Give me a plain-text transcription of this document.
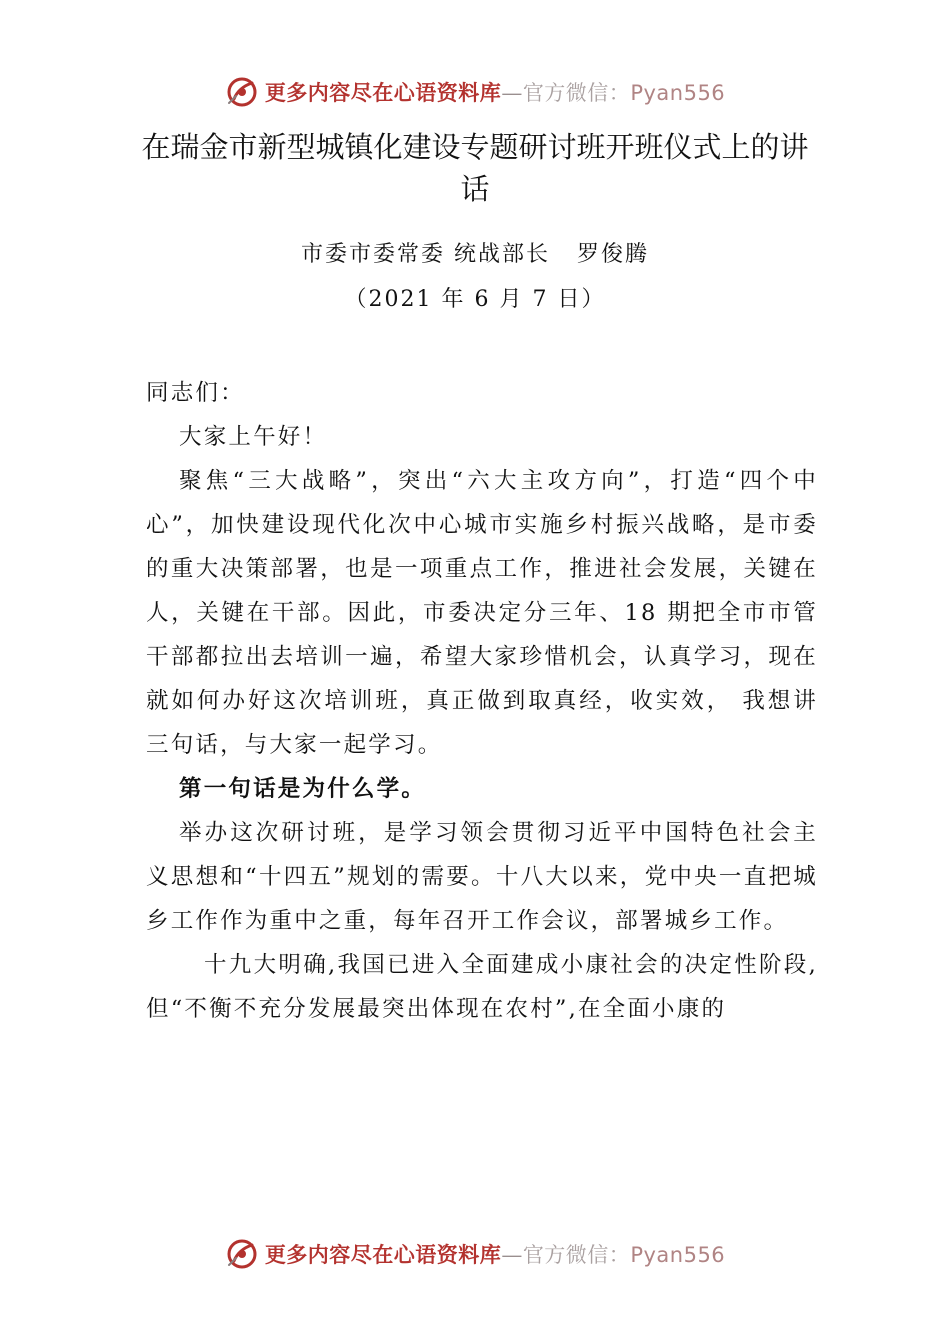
更多内容尽在心语资料库—官方微信：Pyan556
在瑞金市新型城镇化建设专题研讨班开班仪式上的讲话
市委市委常委 统战部长   罗俊腾
（2021 年 6 月 7 日）

同志们：

大家上午好！

聚焦“三大战略”，突出“六大主攻方向”，打造“四个中心”，加快建设现代化次中心城市实施乡村振兴战略，是市委的重大决策部署，也是一项重点工作，推进社会发展，关键在人，关键在干部。因此，市委决定分三年、18 期把全市市管干部都拉出去培训一遍，希望大家珍惜机会，认真学习，现在就如何办好这次培训班，真正做到取真经，收实效， 我想讲三句话，与大家一起学习。

第一句话是为什么学。

举办这次研讨班，是学习领会贯彻习近平中国特色社会主义思想和“十四五”规划的需要。十八大以来，党中央一直把城乡工作作为重中之重，每年召开工作会议，部署城乡工作。

十九大明确,我国已进入全面建成小康社会的决定性阶段,但“不衡不充分发展最突出体现在农村”,在全面小康的

更多内容尽在心语资料库—官方微信：Pyan556
